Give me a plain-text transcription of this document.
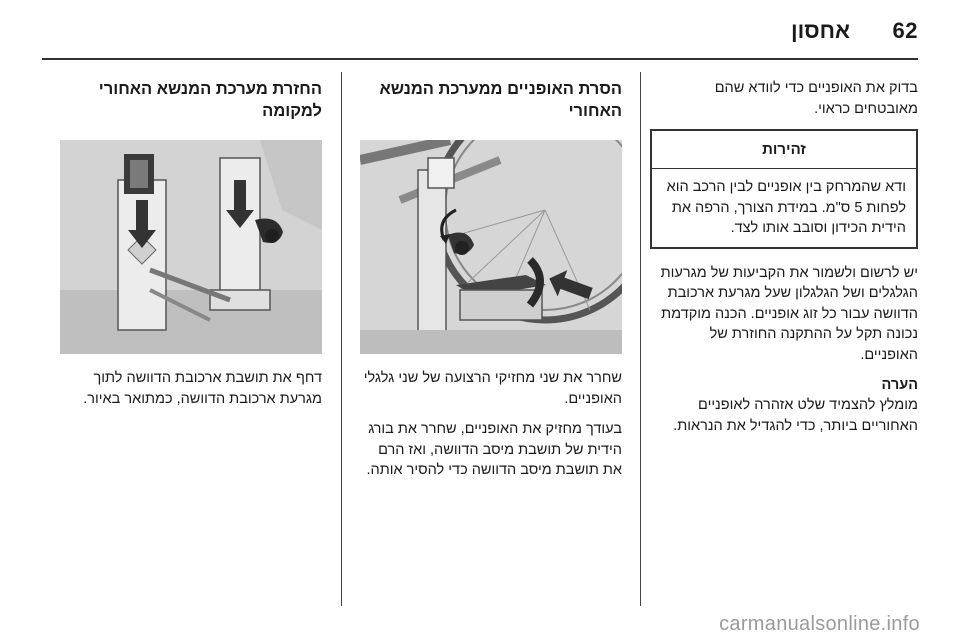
62
אחסון

בדוק את האופניים כדי לוודא שהם מאובטחים כראוי.

זהירות
ודא שהמרחק בין אופניים לבין הרכב הוא לפחות 5 ס"מ. במידת הצורך, הרפה את הידית הכידון וסובב אותו לצד.

יש לרשום ולשמור את הקביעות של מגרעות הגלגלים ושל הגלגלון שעל מגרעת ארכובת הדוושה עבור כל זוג אופניים. הכנה מוקדמת נכונה תקל על ההתקנה החוזרת של האופניים.

הערה

מומלץ להצמיד שלט אזהרה לאופניים האחוריים ביותר, כדי להגדיל את הנראות.

הסרת האופניים ממערכת המנשא האחורי

שחרר את שני מחזיקי הרצועה של שני גלגלי האופניים.

בעודך מחזיק את האופניים, שחרר את בורג הידית של תושבת מיסב הדוושה, ואז הרם את תושבת מיסב הדוושה כדי להסיר אותה.

החזרת מערכת המנשא האחורי למקומה

דחף את תושבת ארכובת הדוושה לתוך מגרעת ארכובת הדוושה, כמתואר באיור.

carmanualsonline.info
